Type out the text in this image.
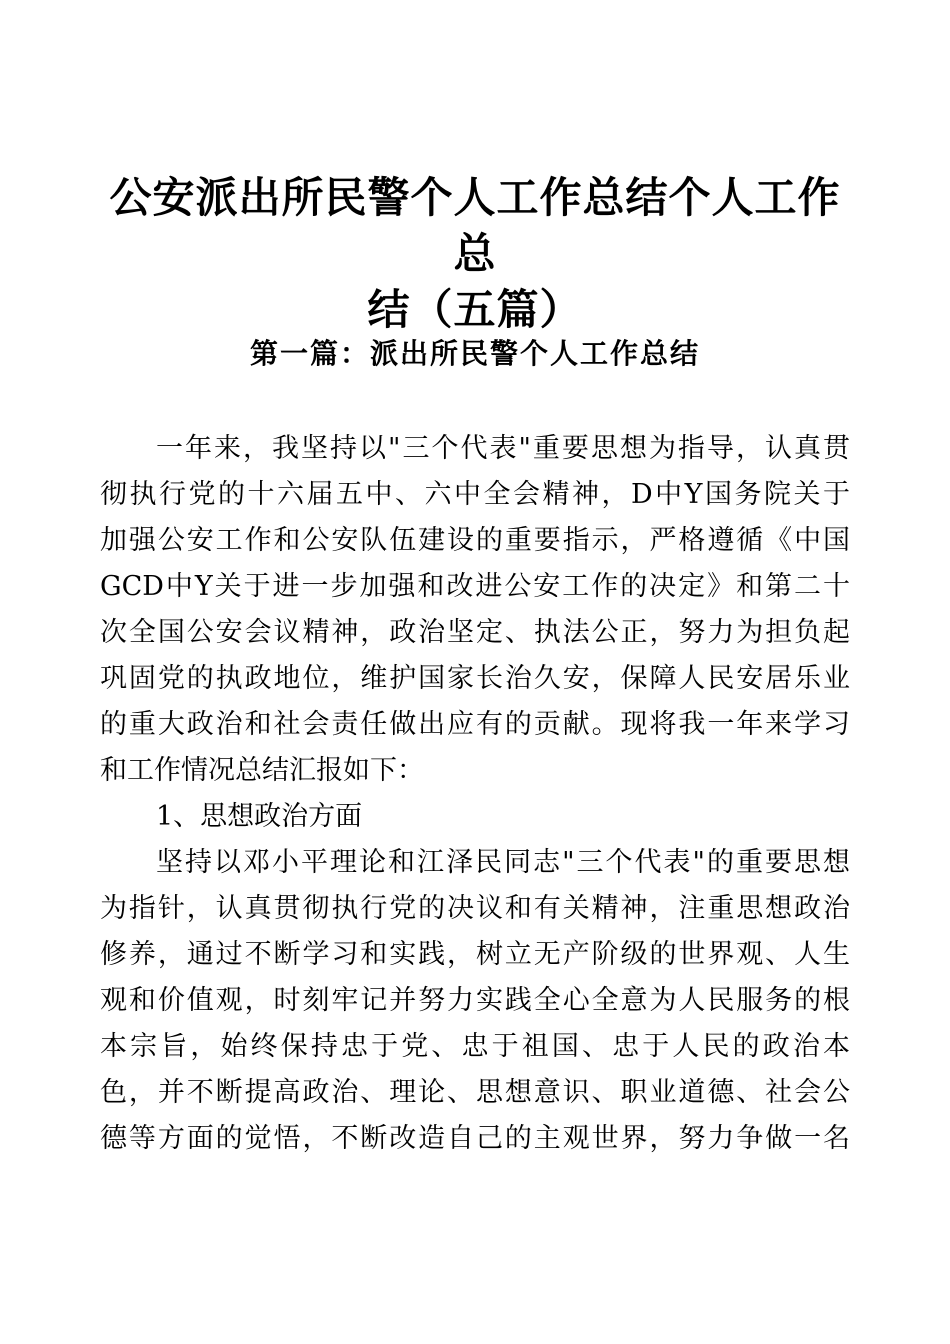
公安派出所民警个人工作总结个人工作总
结（五篇）
第一篇：派出所民警个人工作总结
一年来，我坚持以"三个代表"重要思想为指导，认真贯
彻执行党的十六届五中、六中全会精神，D中Y国务院关于
加强公安工作和公安队伍建设的重要指示，严格遵循《中国
GCD中Y关于进一步加强和改进公安工作的决定》和第二十
次全国公安会议精神，政治坚定、执法公正，努力为担负起
巩固党的执政地位，维护国家长治久安，保障人民安居乐业
的重大政治和社会责任做出应有的贡献。现将我一年来学习
和工作情况总结汇报如下：
1、思想政治方面
坚持以邓小平理论和江泽民同志"三个代表"的重要思想
为指针，认真贯彻执行党的决议和有关精神，注重思想政治
修养，通过不断学习和实践，树立无产阶级的世界观、人生
观和价值观，时刻牢记并努力实践全心全意为人民服务的根
本宗旨，始终保持忠于党、忠于祖国、忠于人民的政治本
色，并不断提高政治、理论、思想意识、职业道德、社会公
德等方面的觉悟，不断改造自己的主观世界，努力争做一名
